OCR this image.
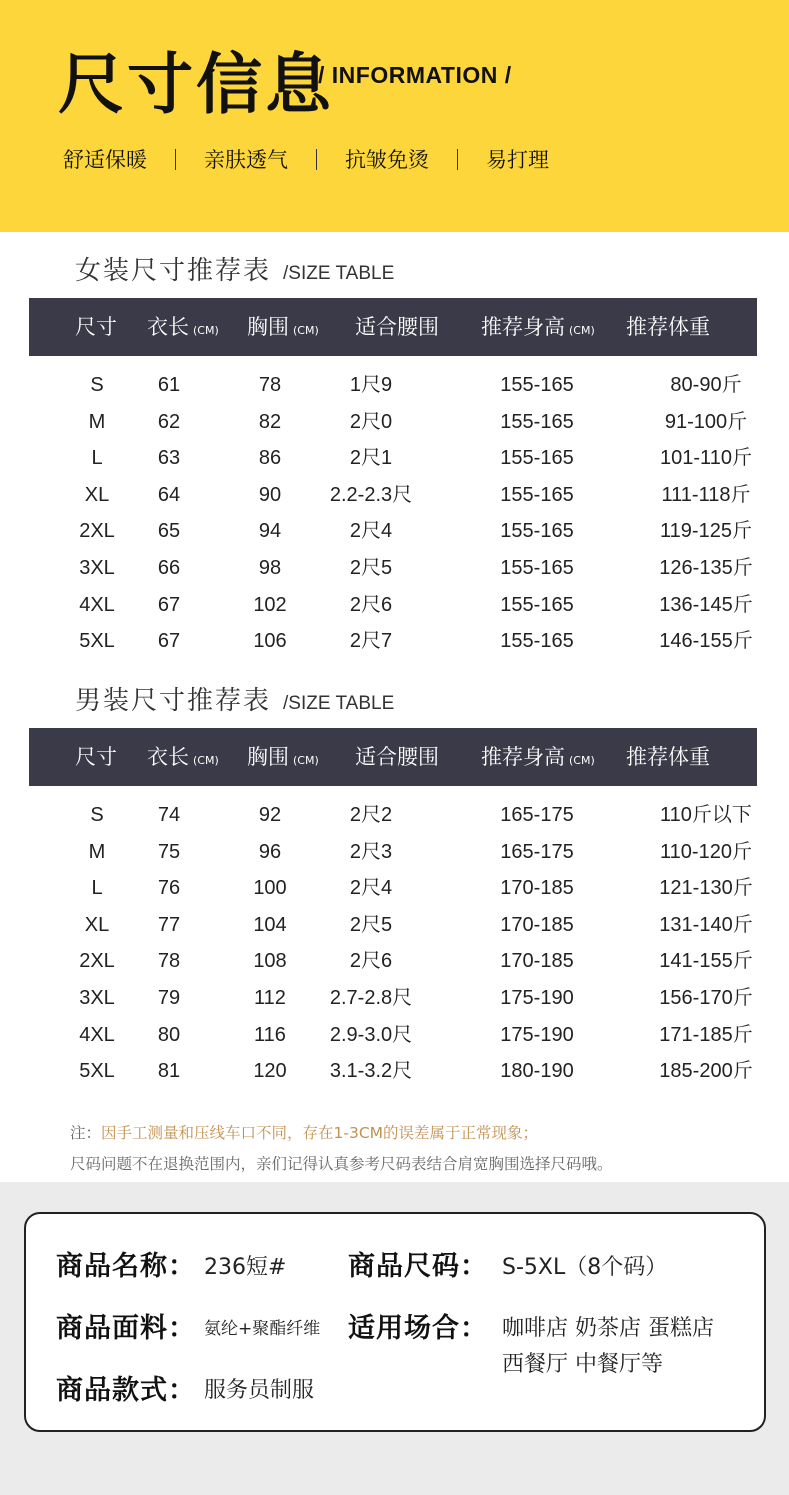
尺寸信息
/ INFORMATION /
舒适保暖	亲肤透气	抗皱免烫	易打理
女装尺寸推荐表 /SIZE TABLE
尺寸 衣长 (CM) 胸围 (CM) 适合腰围 推荐身高 (CM) 推荐体重
S	61	78	1尺9	155-165	80-90斤
M	62	82	2尺0	155-165	91-100斤
L	63	86	2尺1	155-165	101-110斤
XL	64	90	2.2-2.3尺	155-165	111-118斤
2XL	65	94	2尺4	155-165	119-125斤
3XL	66	98	2尺5	155-165	126-135斤
4XL	67	102	2尺6	155-165	136-145斤
5XL	67	106	2尺7	155-165	146-155斤
男装尺寸推荐表 /SIZE TABLE
尺寸 衣长 (CM) 胸围 (CM) 适合腰围 推荐身高 (CM) 推荐体重
S	74	92	2尺2	165-175	110斤以下
M	75	96	2尺3	165-175	110-120斤
L	76	100	2尺4	170-185	121-130斤
XL	77	104	2尺5	170-185	131-140斤
2XL	78	108	2尺6	170-185	141-155斤
3XL	79	112	2.7-2.8尺	175-190	156-170斤
4XL	80	116	2.9-3.0尺	175-190	171-185斤
5XL	81	120	3.1-3.2尺	180-190	185-200斤
注：因手工测量和压线车口不同，存在1-3CM的误差属于正常现象；
尺码问题不在退换范围内，亲们记得认真参考尺码表结合肩宽胸围选择尺码哦。
商品名称： 236短# 商品尺码： S-5XL（8个码）
商品面料： 氨纶+聚酯纤维 适用场合： 咖啡店 奶茶店 蛋糕店
西餐厅 中餐厅等
商品款式： 服务员制服
